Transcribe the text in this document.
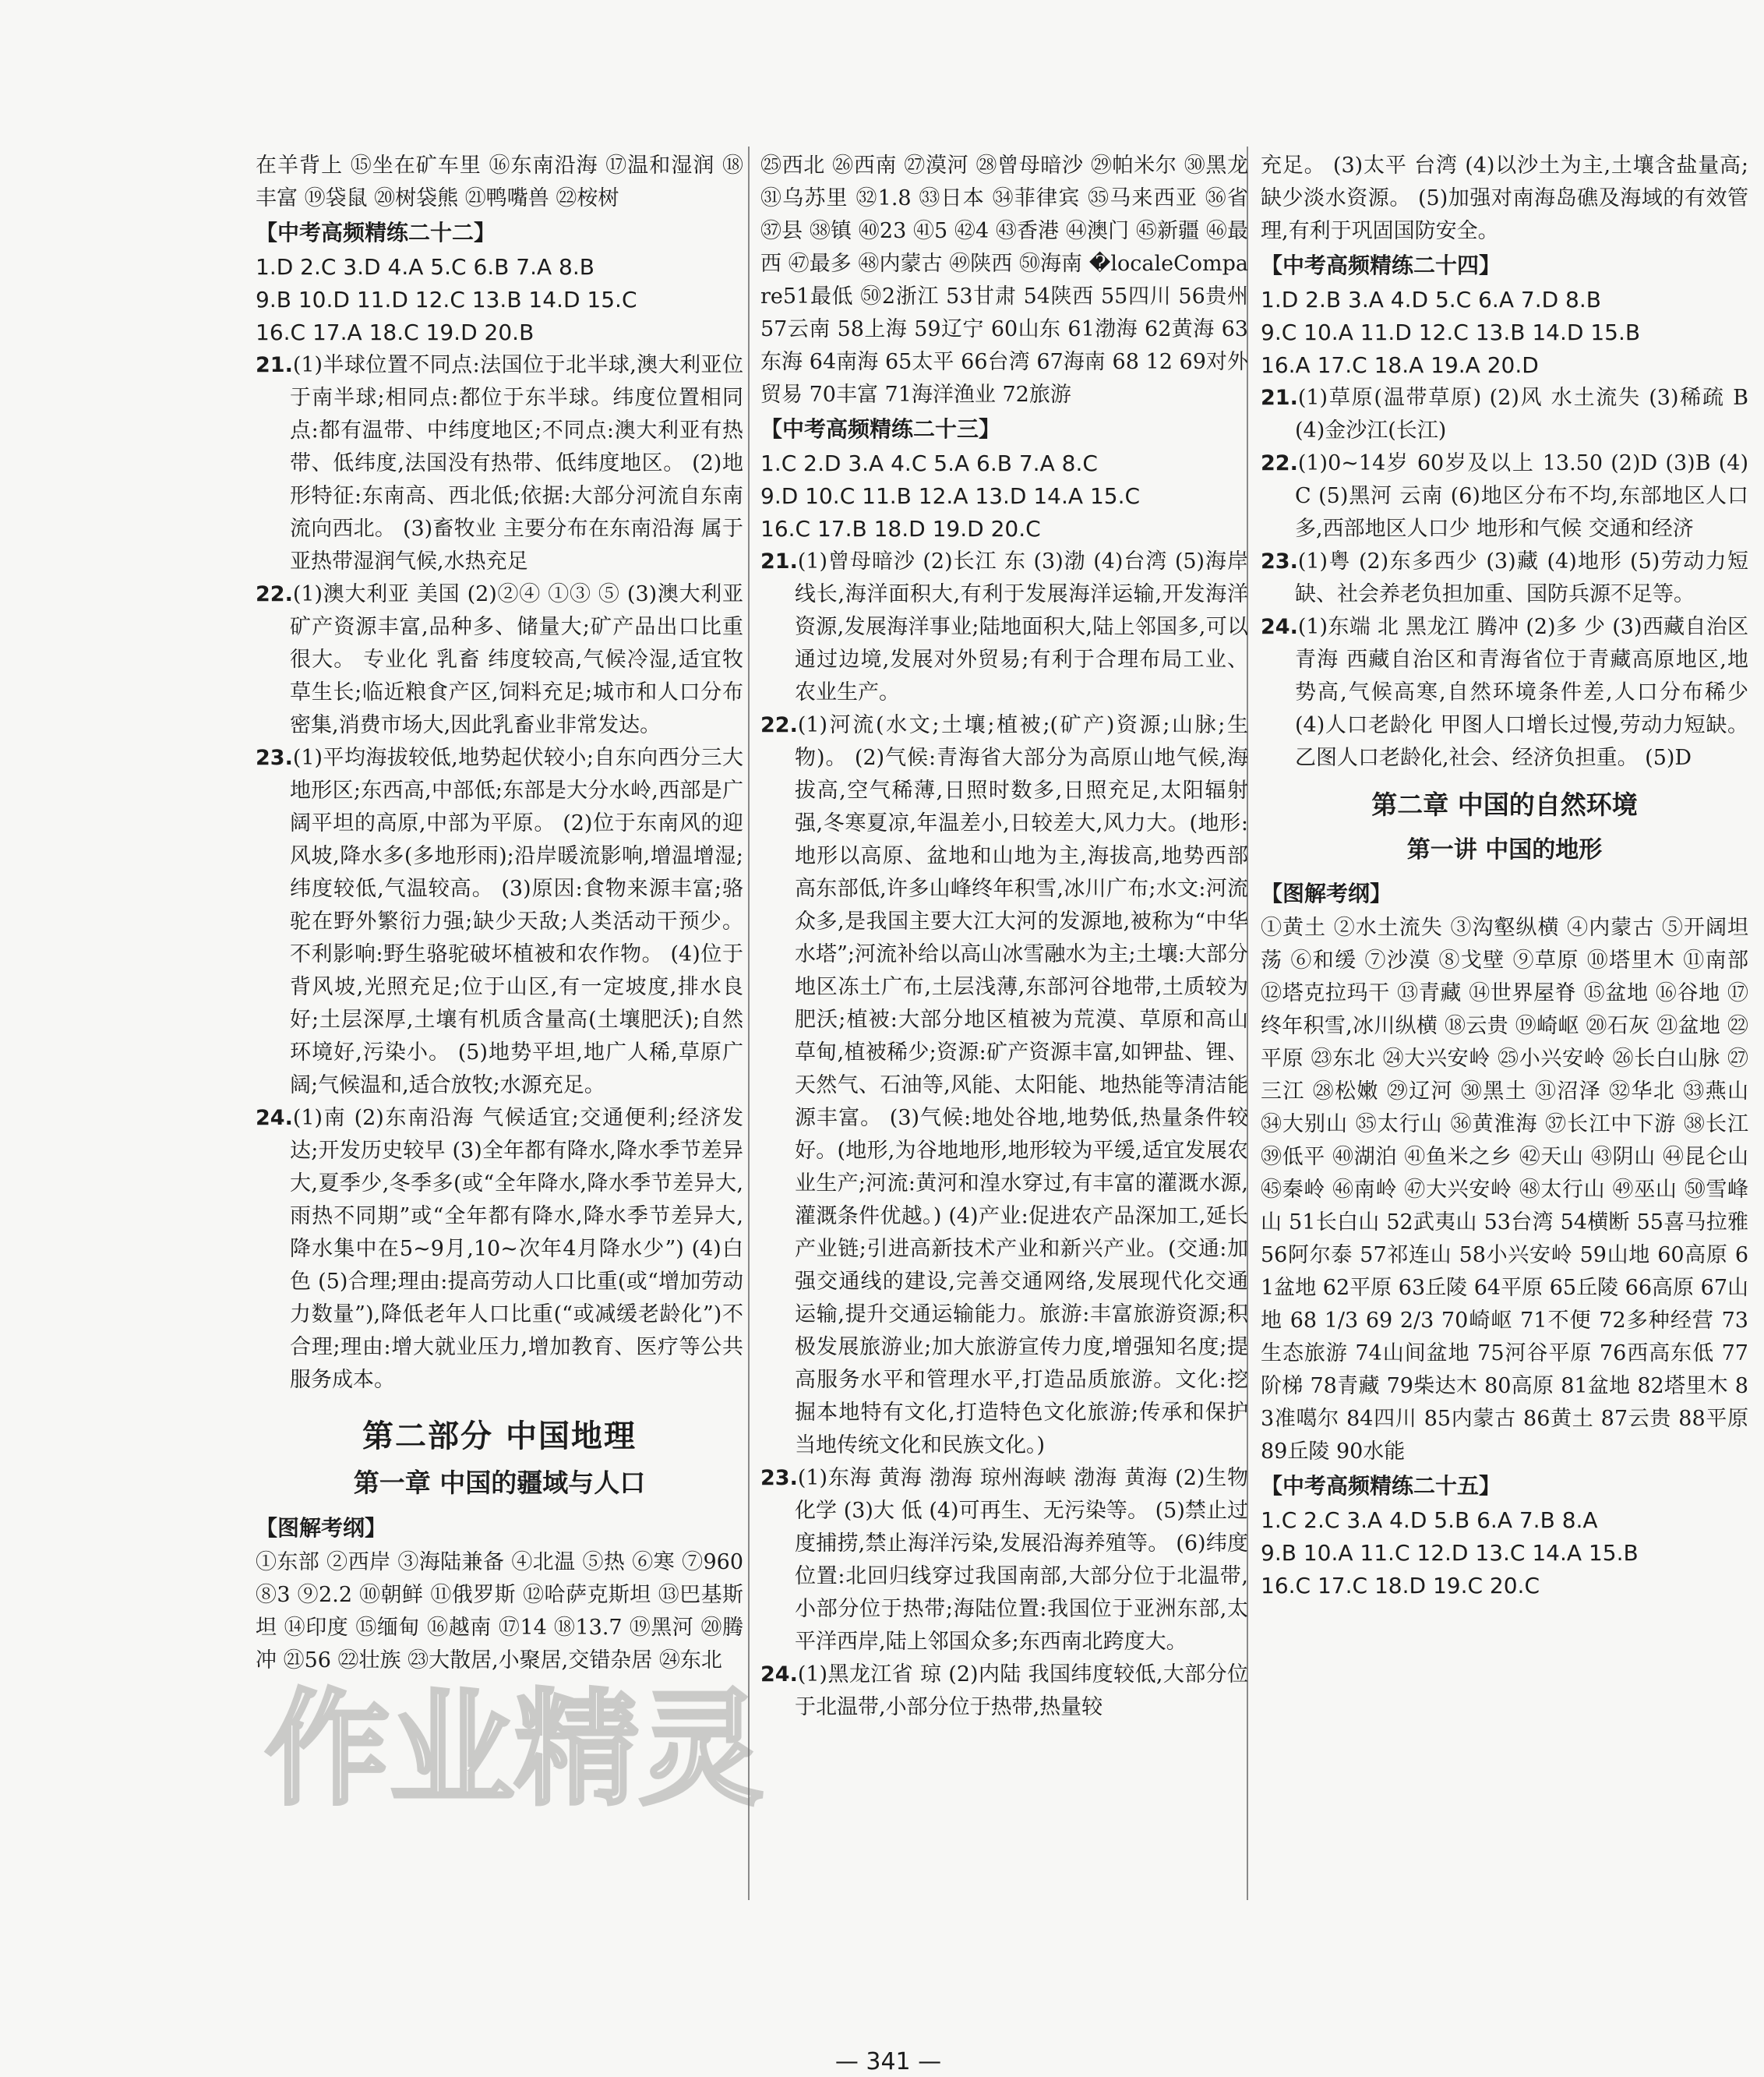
在羊背上 ⑮坐在矿车里 ⑯东南沿海 ⑰温和湿润 ⑱丰富 ⑲袋鼠 ⑳树袋熊 ㉑鸭嘴兽 ㉒桉树

【中考高频精练二十二】

1.D 2.C 3.D 4.A 5.C 6.B 7.A 8.B

9.B 10.D 11.D 12.C 13.B 14.D 15.C

16.C 17.A 18.C 19.D 20.B

21.(1)半球位置不同点:法国位于北半球,澳大利亚位于南半球;相同点:都位于东半球。纬度位置相同点:都有温带、中纬度地区;不同点:澳大利亚有热带、低纬度,法国没有热带、低纬度地区。 (2)地形特征:东南高、西北低;依据:大部分河流自东南流向西北。 (3)畜牧业 主要分布在东南沿海 属于亚热带湿润气候,水热充足

22.(1)澳大利亚 美国 (2)②④ ①③ ⑤ (3)澳大利亚矿产资源丰富,品种多、储量大;矿产品出口比重很大。 专业化 乳畜 纬度较高,气候冷湿,适宜牧草生长;临近粮食产区,饲料充足;城市和人口分布密集,消费市场大,因此乳畜业非常发达。

23.(1)平均海拔较低,地势起伏较小;自东向西分三大地形区;东西高,中部低;东部是大分水岭,西部是广阔平坦的高原,中部为平原。 (2)位于东南风的迎风坡,降水多(多地形雨);沿岸暖流影响,增温增湿;纬度较低,气温较高。 (3)原因:食物来源丰富;骆驼在野外繁衍力强;缺少天敌;人类活动干预少。不利影响:野生骆驼破坏植被和农作物。 (4)位于背风坡,光照充足;位于山区,有一定坡度,排水良好;土层深厚,土壤有机质含量高(土壤肥沃);自然环境好,污染小。 (5)地势平坦,地广人稀,草原广阔;气候温和,适合放牧;水源充足。

24.(1)南 (2)东南沿海 气候适宜;交通便利;经济发达;开发历史较早 (3)全年都有降水,降水季节差异大,夏季少,冬季多(或“全年降水,降水季节差异大,雨热不同期”或“全年都有降水,降水季节差异大,降水集中在5~9月,10~次年4月降水少”) (4)白色 (5)合理;理由:提高劳动人口比重(或“增加劳动力数量”),降低老年人口比重(“或减缓老龄化”)不合理;理由:增大就业压力,增加教育、医疗等公共服务成本。

第二部分 中国地理
第一章 中国的疆域与人口

【图解考纲】

①东部 ②西岸 ③海陆兼备 ④北温 ⑤热 ⑥寒 ⑦960 ⑧3 ⑨2.2 ⑩朝鲜 ⑪俄罗斯 ⑫哈萨克斯坦 ⑬巴基斯坦 ⑭印度 ⑮缅甸 ⑯越南 ⑰14 ⑱13.7 ⑲黑河 ⑳腾冲 ㉑56 ㉒壮族 ㉓大散居,小聚居,交错杂居 ㉔东北

㉕西北 ㉖西南 ㉗漠河 ㉘曾母暗沙 ㉙帕米尔 ㉚黑龙 ㉛乌苏里 ㉜1.8 ㉝日本 ㉞菲律宾 ㉟马来西亚 ㊱省 ㊲县 ㊳镇 ㊵23 ㊶5 ㊷4 ㊸香港 ㊹澳门 ㊺新疆 ㊻最西 ㊼最多 ㊽内蒙古 ㊾陕西 ㊿海南 �localeCompare51最低 ㊿2浙江 53甘肃 54陕西 55四川 56贵州 57云南 58上海 59辽宁 60山东 61渤海 62黄海 63东海 64南海 65太平 66台湾 67海南 68 12 69对外贸易 70丰富 71海洋渔业 72旅游

【中考高频精练二十三】

1.C 2.D 3.A 4.C 5.A 6.B 7.A 8.C

9.D 10.C 11.B 12.A 13.D 14.A 15.C

16.C 17.B 18.D 19.D 20.C

21.(1)曾母暗沙 (2)长江 东 (3)渤 (4)台湾 (5)海岸线长,海洋面积大,有利于发展海洋运输,开发海洋资源,发展海洋事业;陆地面积大,陆上邻国多,可以通过边境,发展对外贸易;有利于合理布局工业、农业生产。

22.(1)河流(水文;土壤;植被;(矿产)资源;山脉;生物)。 (2)气候:青海省大部分为高原山地气候,海拔高,空气稀薄,日照时数多,日照充足,太阳辐射强,冬寒夏凉,年温差小,日较差大,风力大。(地形:地形以高原、盆地和山地为主,海拔高,地势西部高东部低,许多山峰终年积雪,冰川广布;水文:河流众多,是我国主要大江大河的发源地,被称为“中华水塔”;河流补给以高山冰雪融水为主;土壤:大部分地区冻土广布,土层浅薄,东部河谷地带,土质较为肥沃;植被:大部分地区植被为荒漠、草原和高山草甸,植被稀少;资源:矿产资源丰富,如钾盐、锂、天然气、石油等,风能、太阳能、地热能等清洁能源丰富。 (3)气候:地处谷地,地势低,热量条件较好。(地形,为谷地地形,地形较为平缓,适宜发展农业生产;河流:黄河和湟水穿过,有丰富的灌溉水源,灌溉条件优越。) (4)产业:促进农产品深加工,延长产业链;引进高新技术产业和新兴产业。(交通:加强交通线的建设,完善交通网络,发展现代化交通运输,提升交通运输能力。旅游:丰富旅游资源;积极发展旅游业;加大旅游宣传力度,增强知名度;提高服务水平和管理水平,打造品质旅游。文化:挖掘本地特有文化,打造特色文化旅游;传承和保护当地传统文化和民族文化。)

23.(1)东海 黄海 渤海 琼州海峡 渤海 黄海 (2)生物 化学 (3)大 低 (4)可再生、无污染等。 (5)禁止过度捕捞,禁止海洋污染,发展沿海养殖等。 (6)纬度位置:北回归线穿过我国南部,大部分位于北温带,小部分位于热带;海陆位置:我国位于亚洲东部,太平洋西岸,陆上邻国众多;东西南北跨度大。

24.(1)黑龙江省 琼 (2)内陆 我国纬度较低,大部分位于北温带,小部分位于热带,热量较

充足。 (3)太平 台湾 (4)以沙土为主,土壤含盐量高;缺少淡水资源。 (5)加强对南海岛礁及海域的有效管理,有利于巩固国防安全。

【中考高频精练二十四】

1.D 2.B 3.A 4.D 5.C 6.A 7.D 8.B

9.C 10.A 11.D 12.C 13.B 14.D 15.B

16.A 17.C 18.A 19.A 20.D

21.(1)草原(温带草原) (2)风 水土流失 (3)稀疏 B (4)金沙江(长江)

22.(1)0~14岁 60岁及以上 13.50 (2)D (3)B (4)C (5)黑河 云南 (6)地区分布不均,东部地区人口多,西部地区人口少 地形和气候 交通和经济

23.(1)粤 (2)东多西少 (3)藏 (4)地形 (5)劳动力短缺、社会养老负担加重、国防兵源不足等。

24.(1)东端 北 黑龙江 腾冲 (2)多 少 (3)西藏自治区 青海 西藏自治区和青海省位于青藏高原地区,地势高,气候高寒,自然环境条件差,人口分布稀少 (4)人口老龄化 甲图人口增长过慢,劳动力短缺。乙图人口老龄化,社会、经济负担重。 (5)D

第二章 中国的自然环境
第一讲 中国的地形

【图解考纲】

①黄土 ②水土流失 ③沟壑纵横 ④内蒙古 ⑤开阔坦荡 ⑥和缓 ⑦沙漠 ⑧戈壁 ⑨草原 ⑩塔里木 ⑪南部 ⑫塔克拉玛干 ⑬青藏 ⑭世界屋脊 ⑮盆地 ⑯谷地 ⑰终年积雪,冰川纵横 ⑱云贵 ⑲崎岖 ⑳石灰 ㉑盆地 ㉒平原 ㉓东北 ㉔大兴安岭 ㉕小兴安岭 ㉖长白山脉 ㉗三江 ㉘松嫩 ㉙辽河 ㉚黑土 ㉛沼泽 ㉜华北 ㉝燕山 ㉞大别山 ㉟太行山 ㊱黄淮海 ㊲长江中下游 ㊳长江 ㊴低平 ㊵湖泊 ㊶鱼米之乡 ㊷天山 ㊸阴山 ㊹昆仑山 ㊺秦岭 ㊻南岭 ㊼大兴安岭 ㊽太行山 ㊾巫山 ㊿雪峰山 51长白山 52武夷山 53台湾 54横断 55喜马拉雅 56阿尔泰 57祁连山 58小兴安岭 59山地 60高原 61盆地 62平原 63丘陵 64平原 65丘陵 66高原 67山地 68 1/3 69 2/3 70崎岖 71不便 72多种经营 73生态旅游 74山间盆地 75河谷平原 76西高东低 77阶梯 78青藏 79柴达木 80高原 81盆地 82塔里木 83准噶尔 84四川 85内蒙古 86黄土 87云贵 88平原 89丘陵 90水能

【中考高频精练二十五】

1.C 2.C 3.A 4.D 5.B 6.A 7.B 8.A

9.B 10.A 11.C 12.D 13.C 14.A 15.B

16.C 17.C 18.D 19.C 20.C

作业精灵
— 341 —
